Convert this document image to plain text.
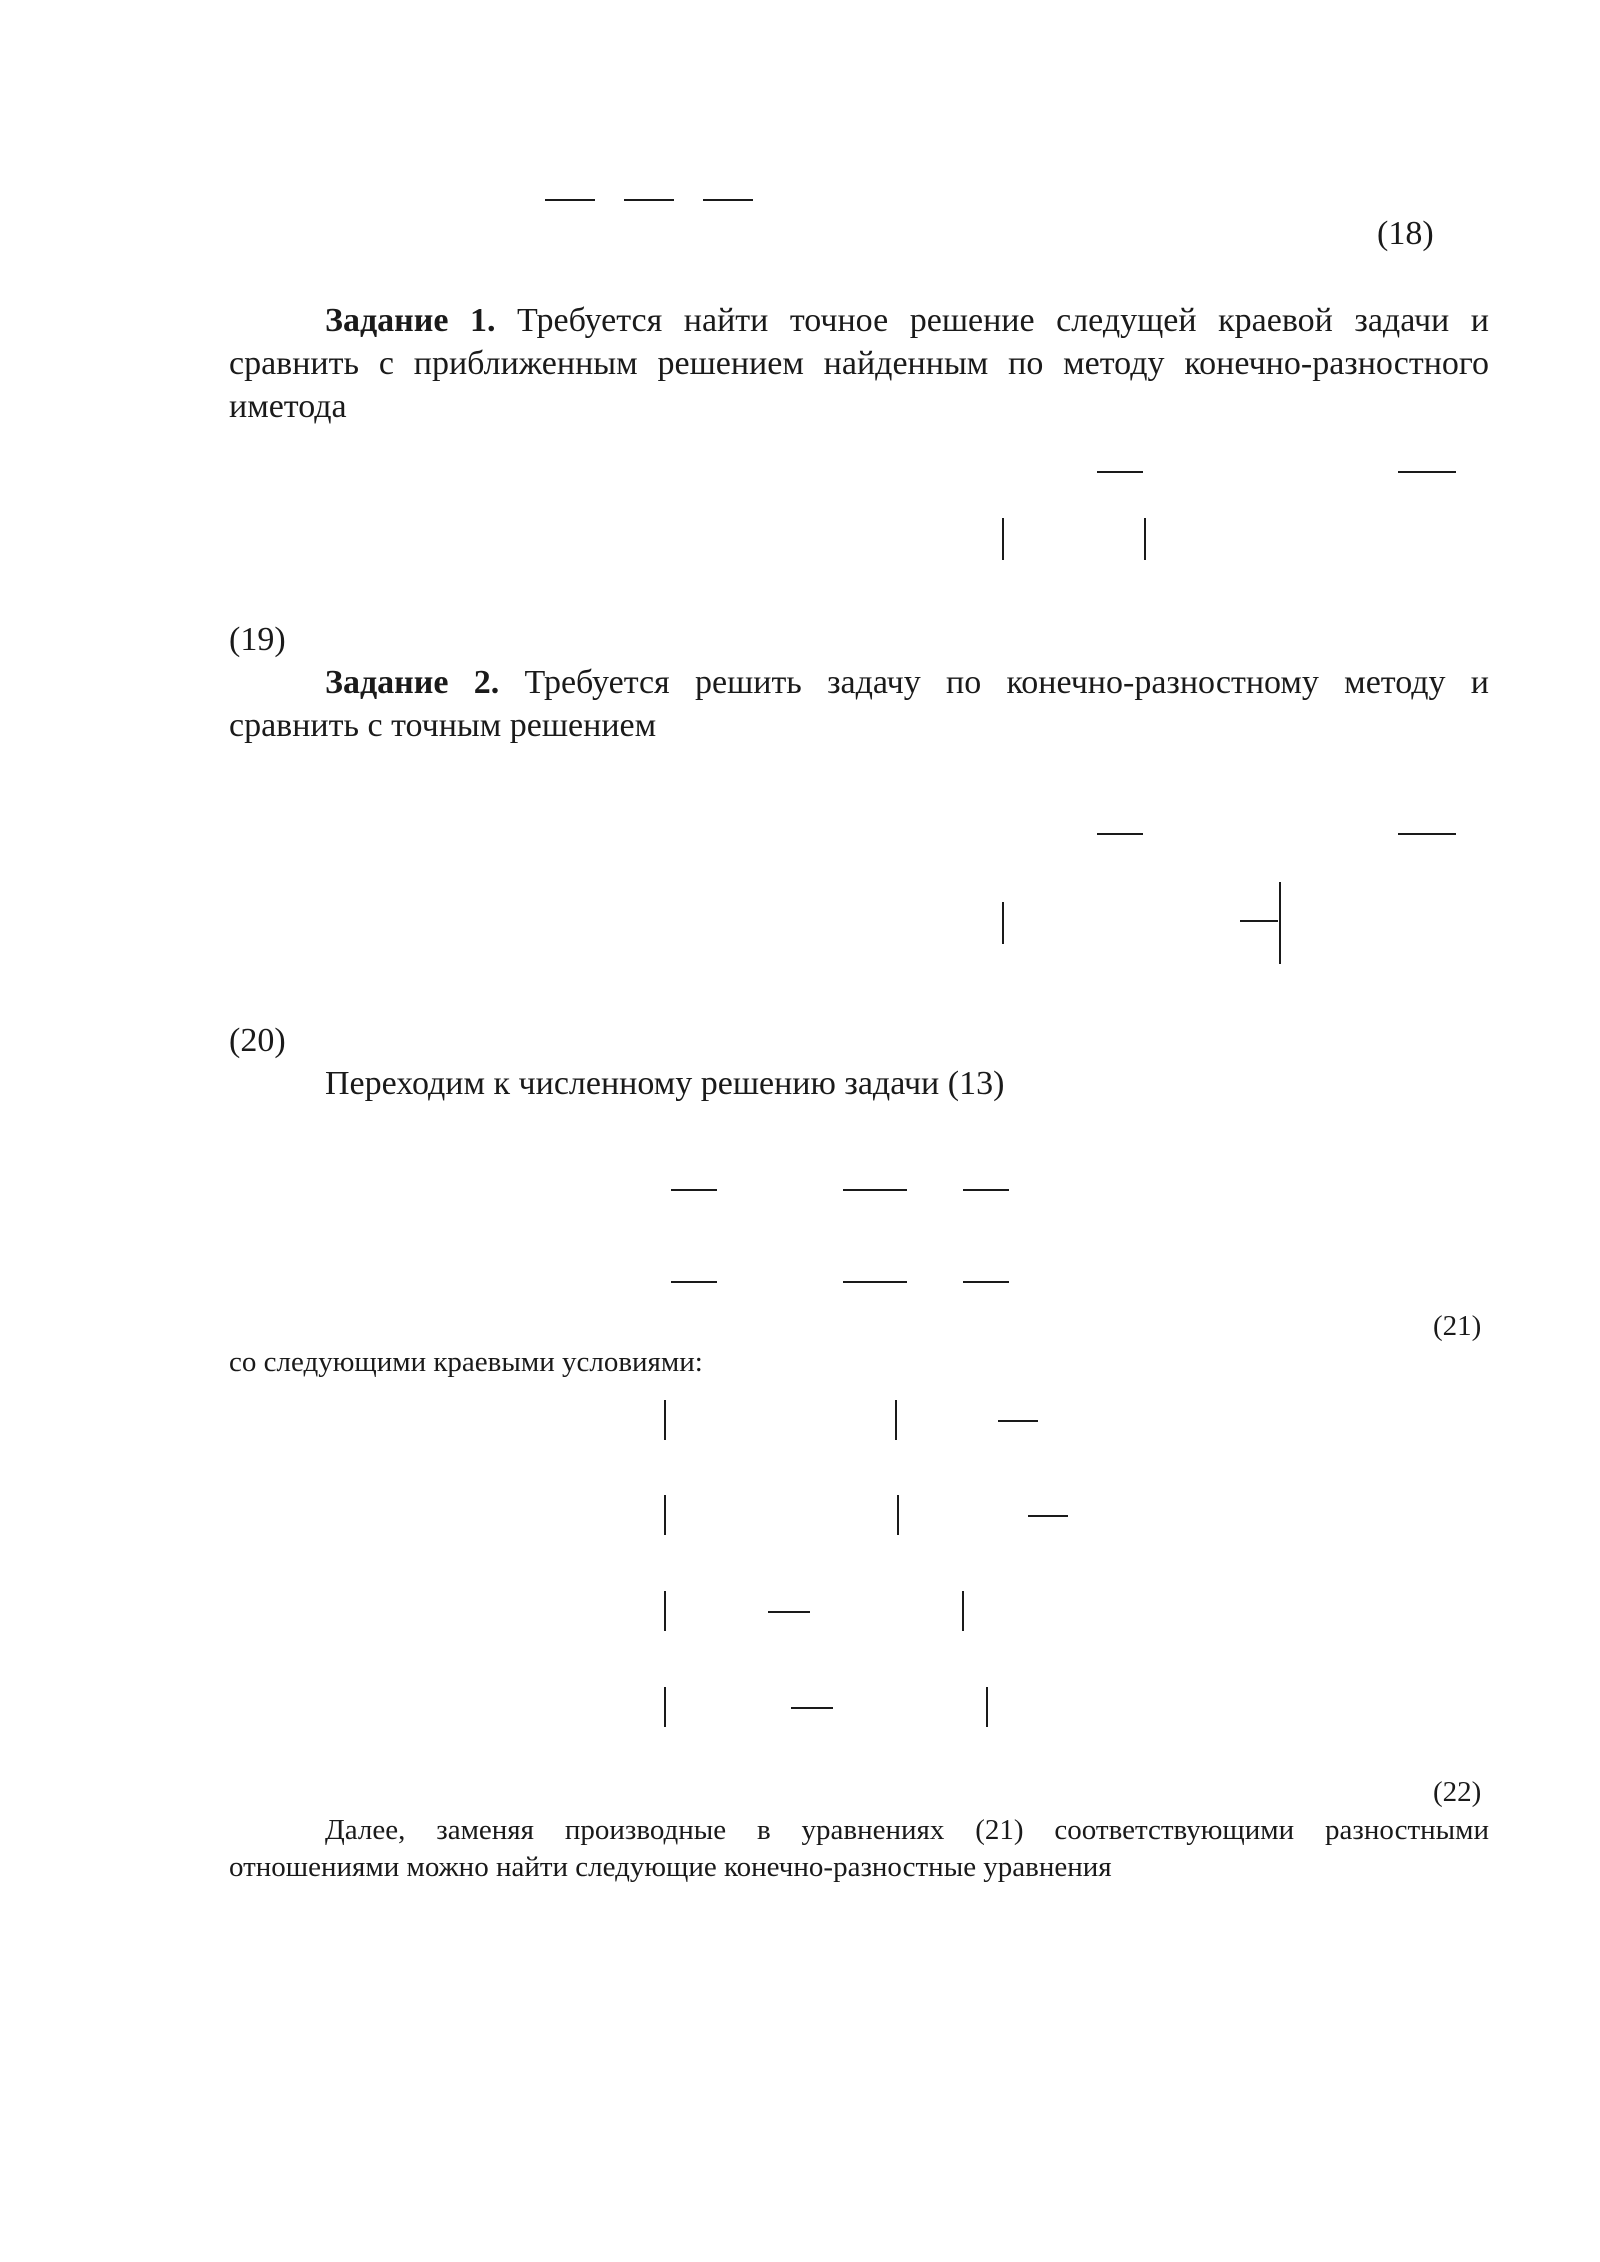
(18)

Задание 1. Требуется найти точное решение следущей краевой задачи и сравнить с приближенным решением найденным по методу конечно-разностного иметода

(19)

Задание 2. Требуется решить задачу по конечно-разностному методу и сравнить с точным решением

(20)

Переходим к численному решению задачи (13)

(21)

со следующими краевыми условиями:

(22)

Далее, заменяя производные в уравнениях (21) соответствующими разностными отношениями можно найти следующие конечно-разностные уравнения
